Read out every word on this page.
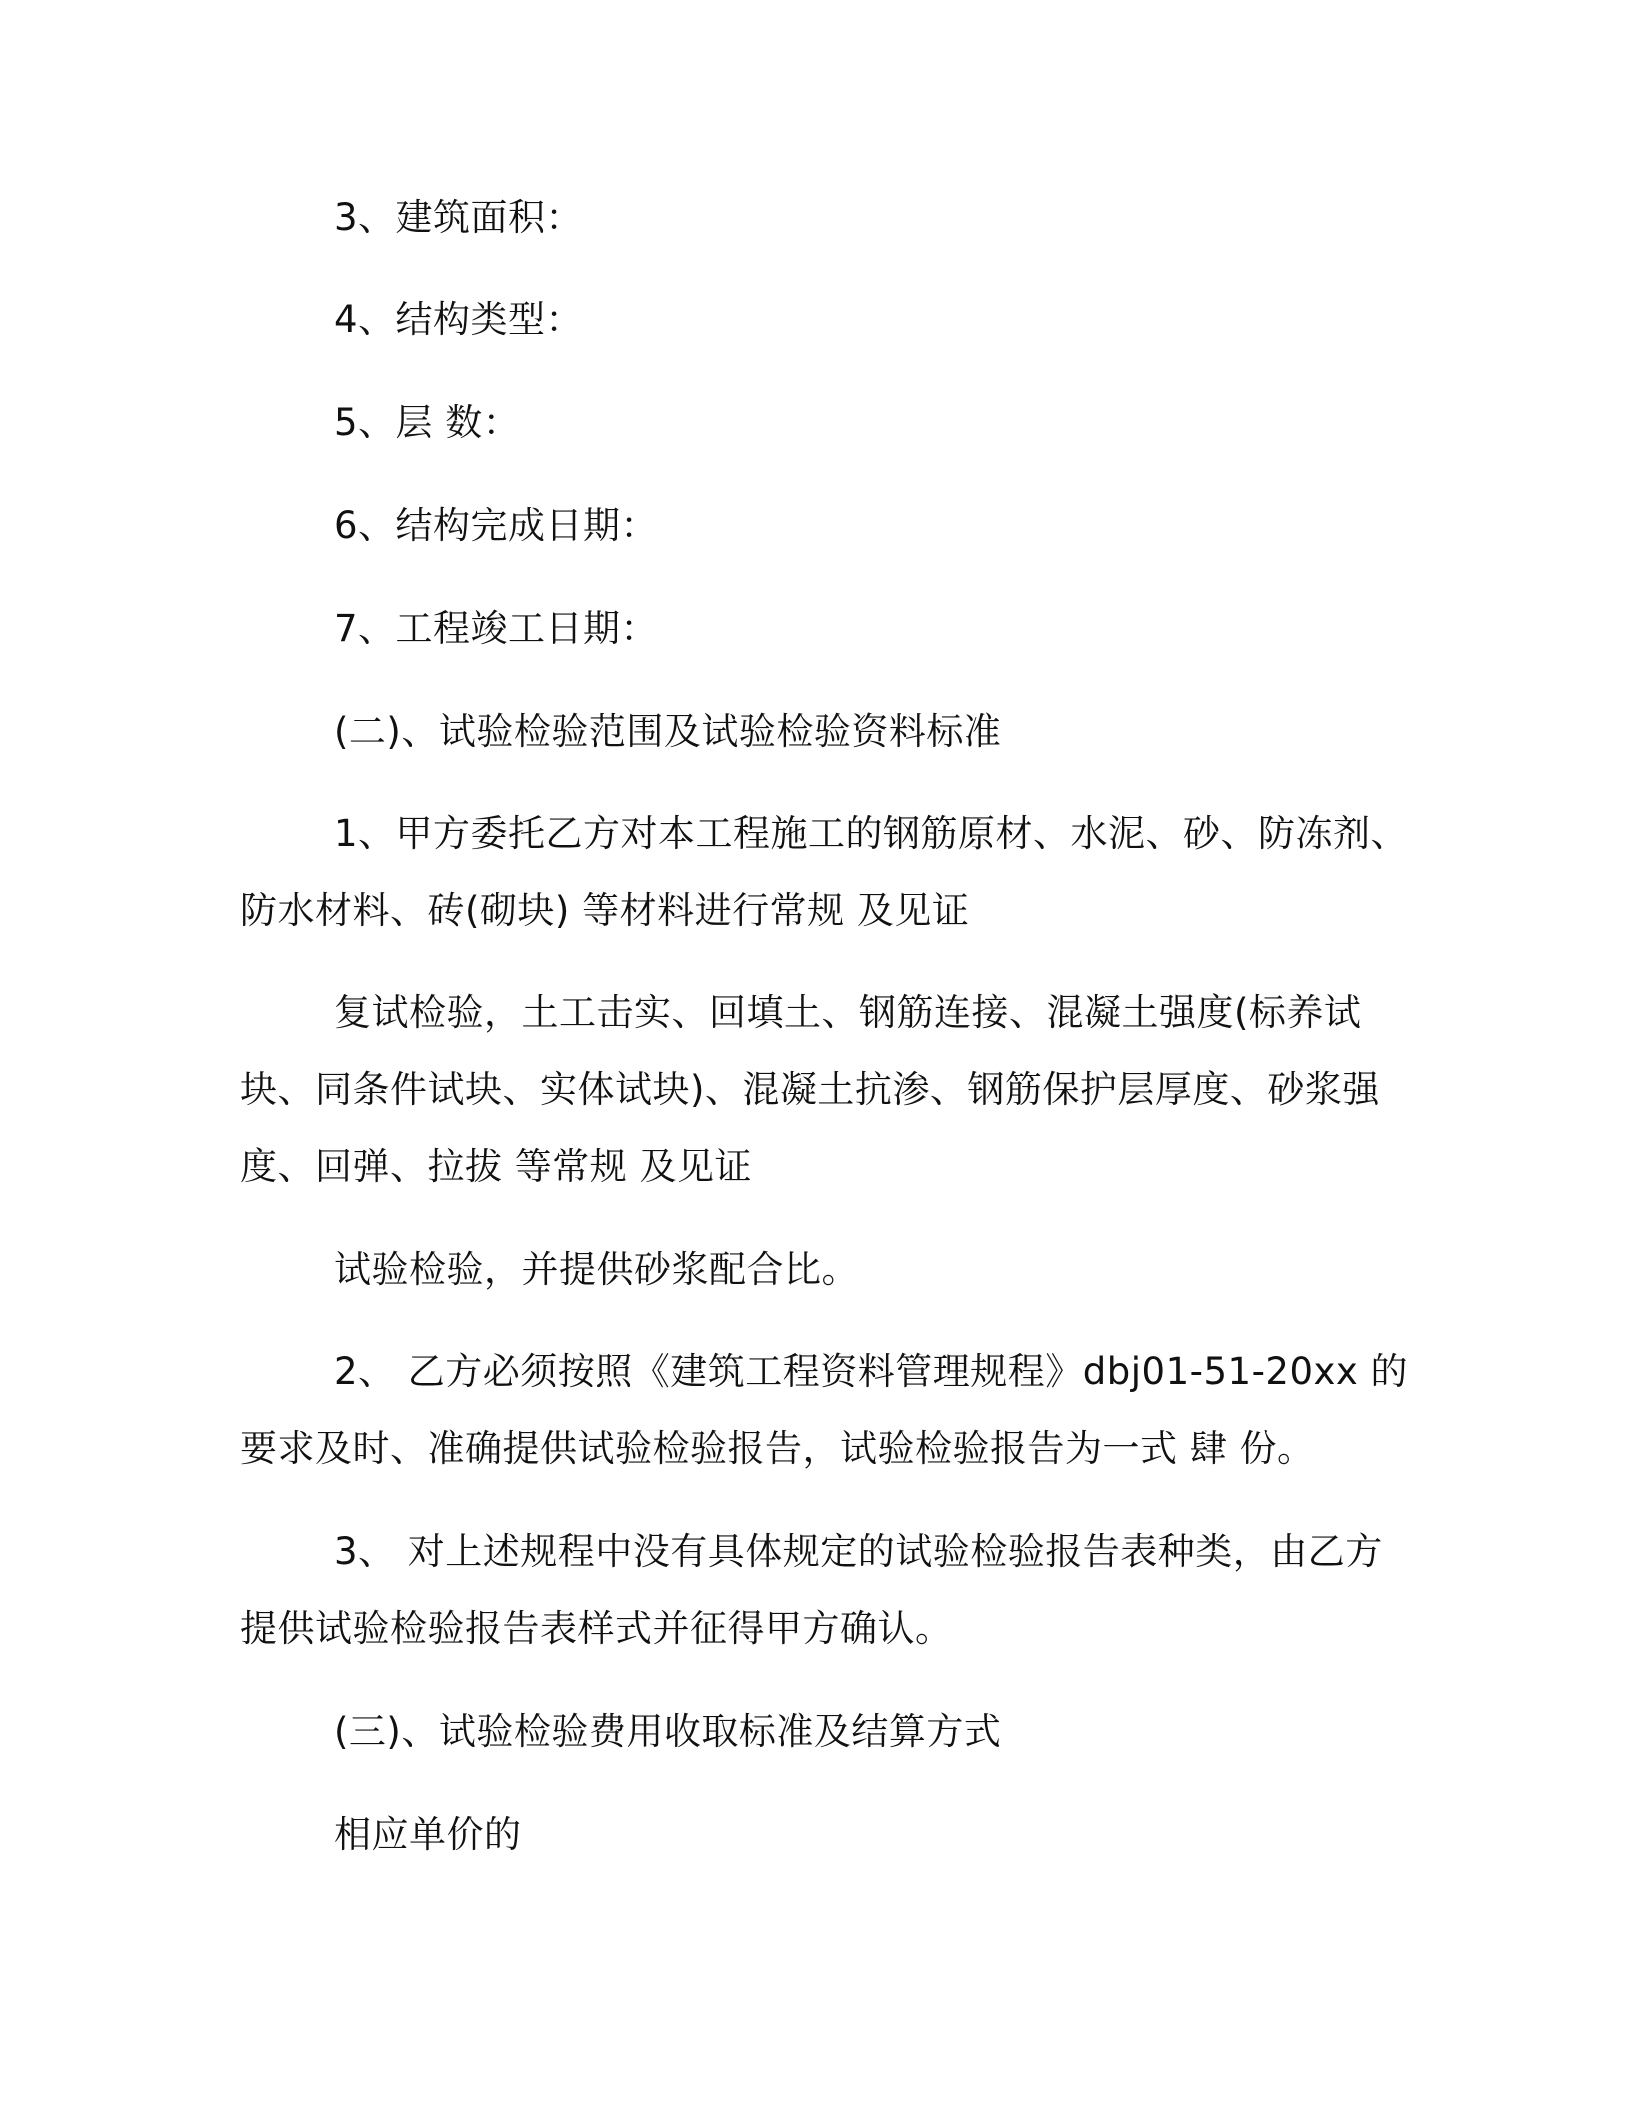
3、建筑面积：
4、结构类型：
5、层 数：
6、结构完成日期：
7、工程竣工日期：
(二)、试验检验范围及试验检验资料标准
1、甲方委托乙方对本工程施工的钢筋原材、水泥、砂、防冻剂、
防水材料、砖(砌块) 等材料进行常规 及见证
复试检验，土工击实、回填土、钢筋连接、混凝土强度(标养试
块、同条件试块、实体试块)、混凝土抗渗、钢筋保护层厚度、砂浆强
度、回弹、拉拔 等常规 及见证
试验检验，并提供砂浆配合比。
2、 乙方必须按照《建筑工程资料管理规程》dbj01-51-20xx 的
要求及时、准确提供试验检验报告，试验检验报告为一式 肆 份。
3、 对上述规程中没有具体规定的试验检验报告表种类，由乙方
提供试验检验报告表样式并征得甲方确认。
(三)、试验检验费用收取标准及结算方式
相应单价的
